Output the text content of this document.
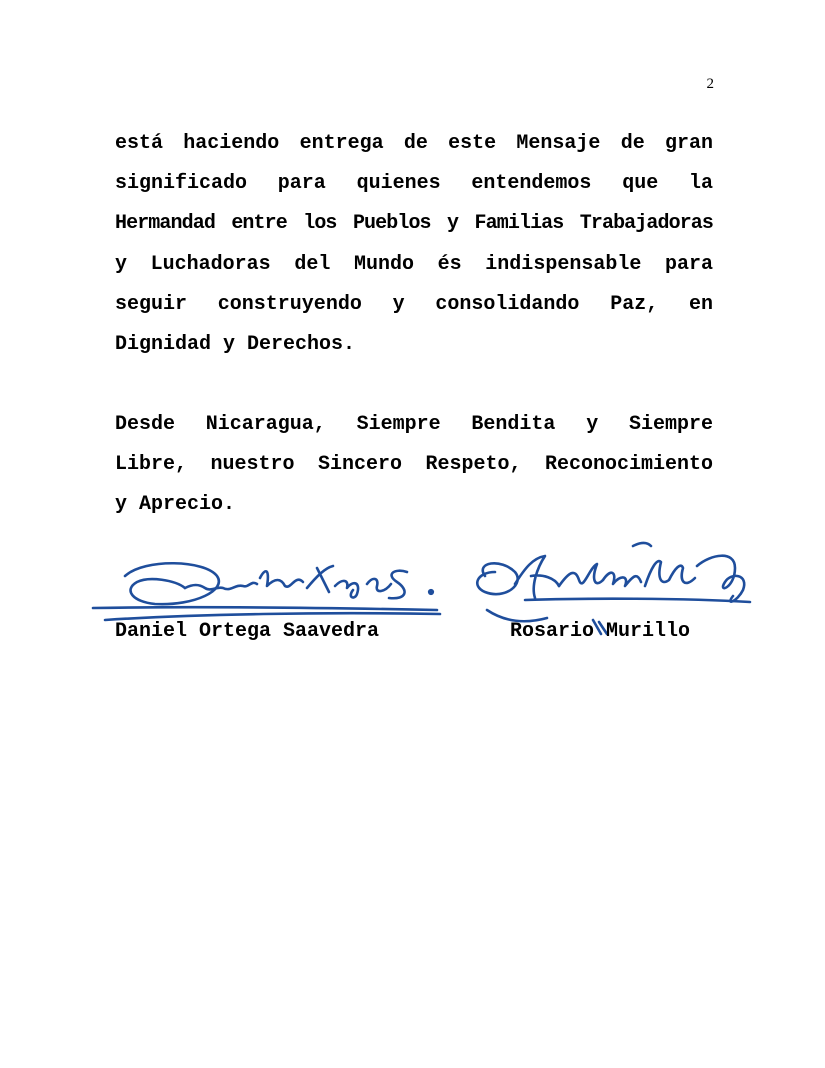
2
está haciendo entrega de este Mensaje de gran
significado para quienes entendemos que la
Hermandad entre los Pueblos y Familias Trabajadoras
y Luchadoras del Mundo és indispensable para
seguir construyendo y consolidando Paz, en
Dignidad y Derechos.
Desde Nicaragua, Siempre Bendita y Siempre
Libre, nuestro Sincero Respeto, Reconocimiento
y Aprecio.
Daniel Ortega Saavedra	Rosario Murillo
